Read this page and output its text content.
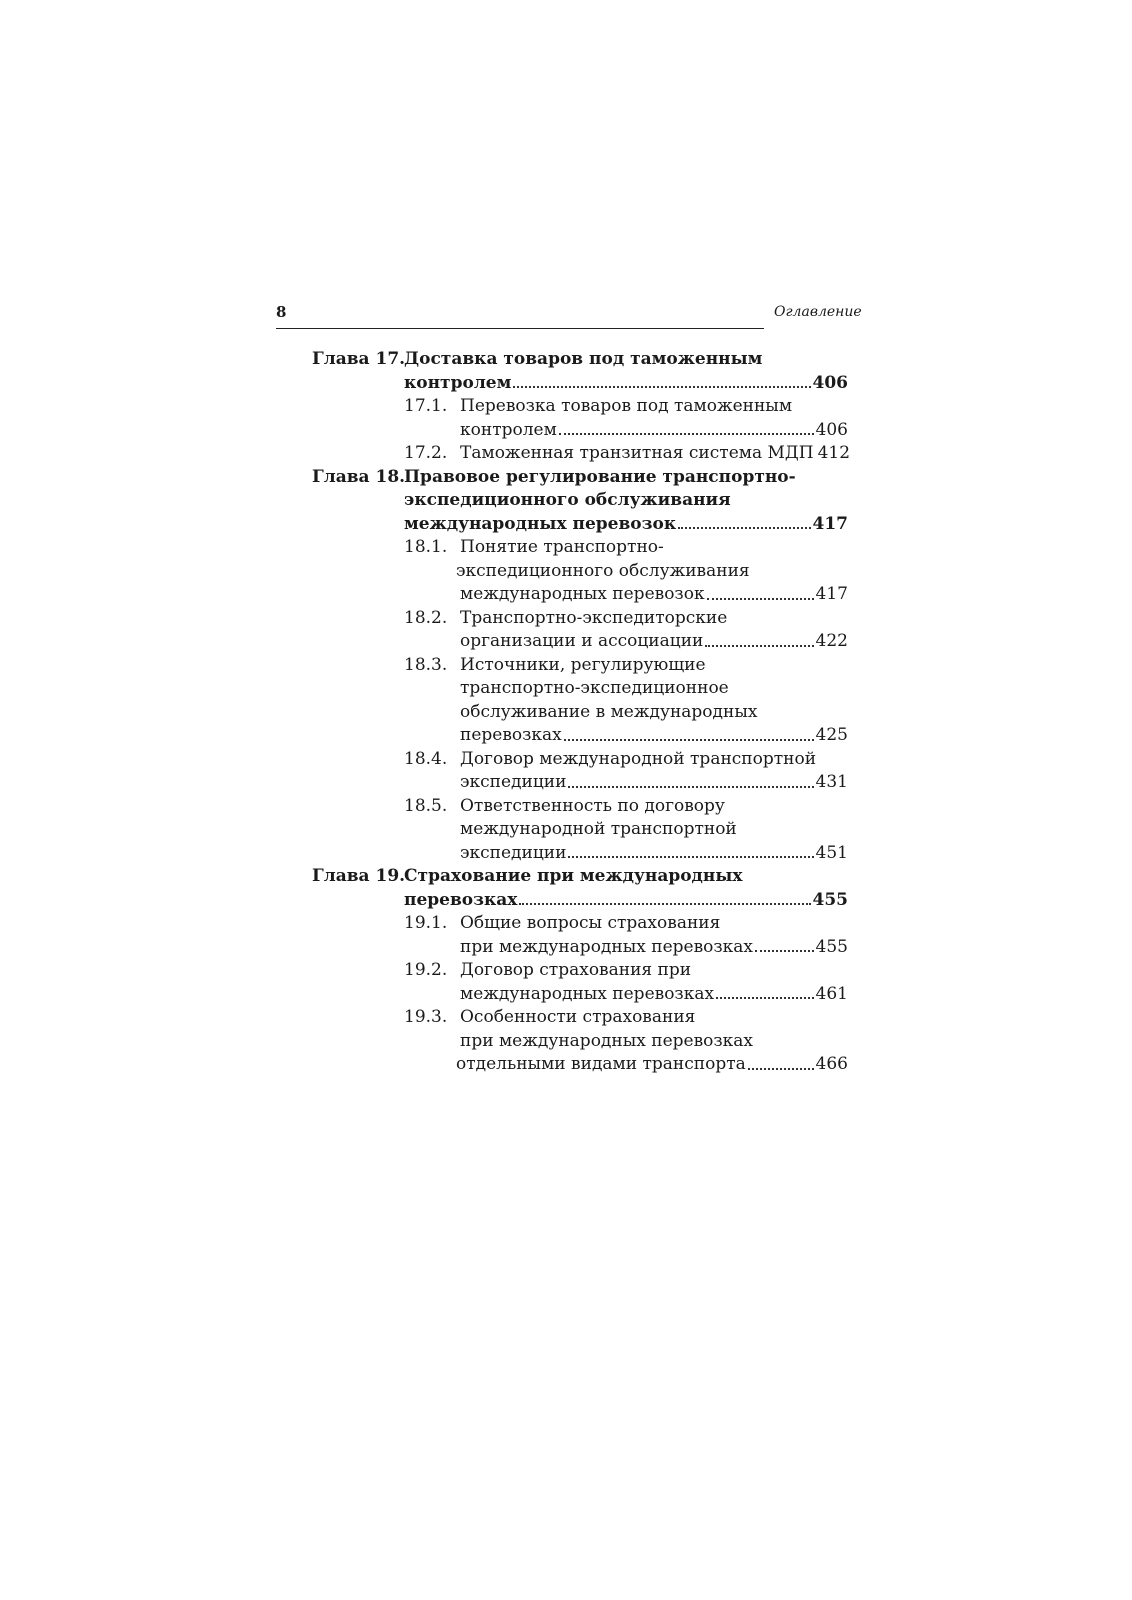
8	Оглавление
Глава 17.
Доставка товаров под таможенным
контролем	406
17.1. Перевозка товаров под таможенным
контролем	406
17.2. Таможенная транзитная система МДП 412
Глава 18.
Правовое регулирование транспортно-
экспедиционного обслуживания
международных перевозок	417
18.1. Понятие транспортно-
экспедиционного обслуживания
международных перевозок	417
18.2. Транспортно-экспедиторские
организации и ассоциации	422
18.3. Источники, регулирующие
транспортно-экспедиционное
обслуживание в международных
перевозках	425
18.4. Договор международной транспортной
экспедиции	431
18.5. Ответственность по договору
международной транспортной
экспедиции	451
Глава 19.
Страхование при международных
перевозках	455
19.1. Общие вопросы страхования
при международных перевозках	455
19.2. Договор страхования при
международных перевозках	461
19.3. Особенности страхования
при международных перевозках
отдельными видами транспорта	466
